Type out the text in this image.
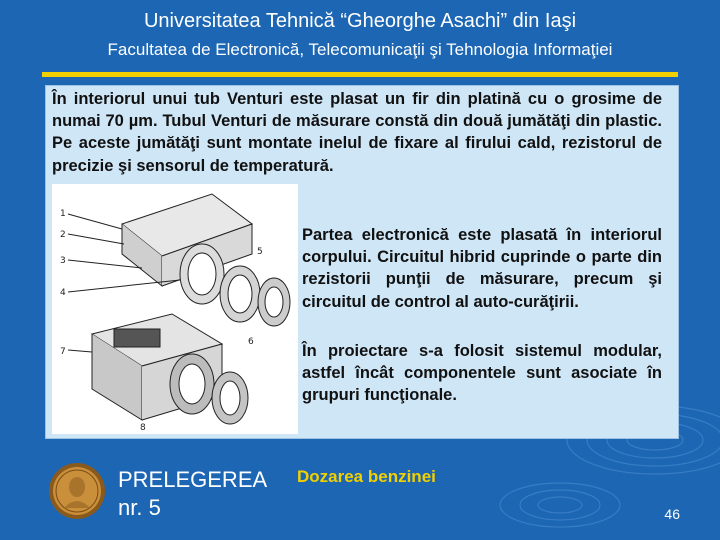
Universitatea Tehnică “Gheorghe Asachi” din Iaşi
Facultatea de Electronică, Telecomunicaţii şi Tehnologia Informaţiei
1
2
3
4
5
6
7
8

În interiorul unui tub Venturi este plasat un fir din platină cu o grosime de numai 70 µm. Tubul Venturi de măsurare constă din două jumătăţi din plastic. Pe aceste jumătăţi sunt montate inelul de fixare al firului cald, rezistorul de precizie şi sensorul de temperatură.

Partea electronică este plasată în interiorul corpului. Circuitul hibrid cuprinde o parte din rezistorii punţii de măsurare, precum şi circuitul de control al auto-curăţirii.

În proiectare s-a folosit sistemul modular, astfel încât componentele sunt asociate în grupuri funcţionale.

PRELEGEREA
nr. 5
Dozarea benzinei
46
